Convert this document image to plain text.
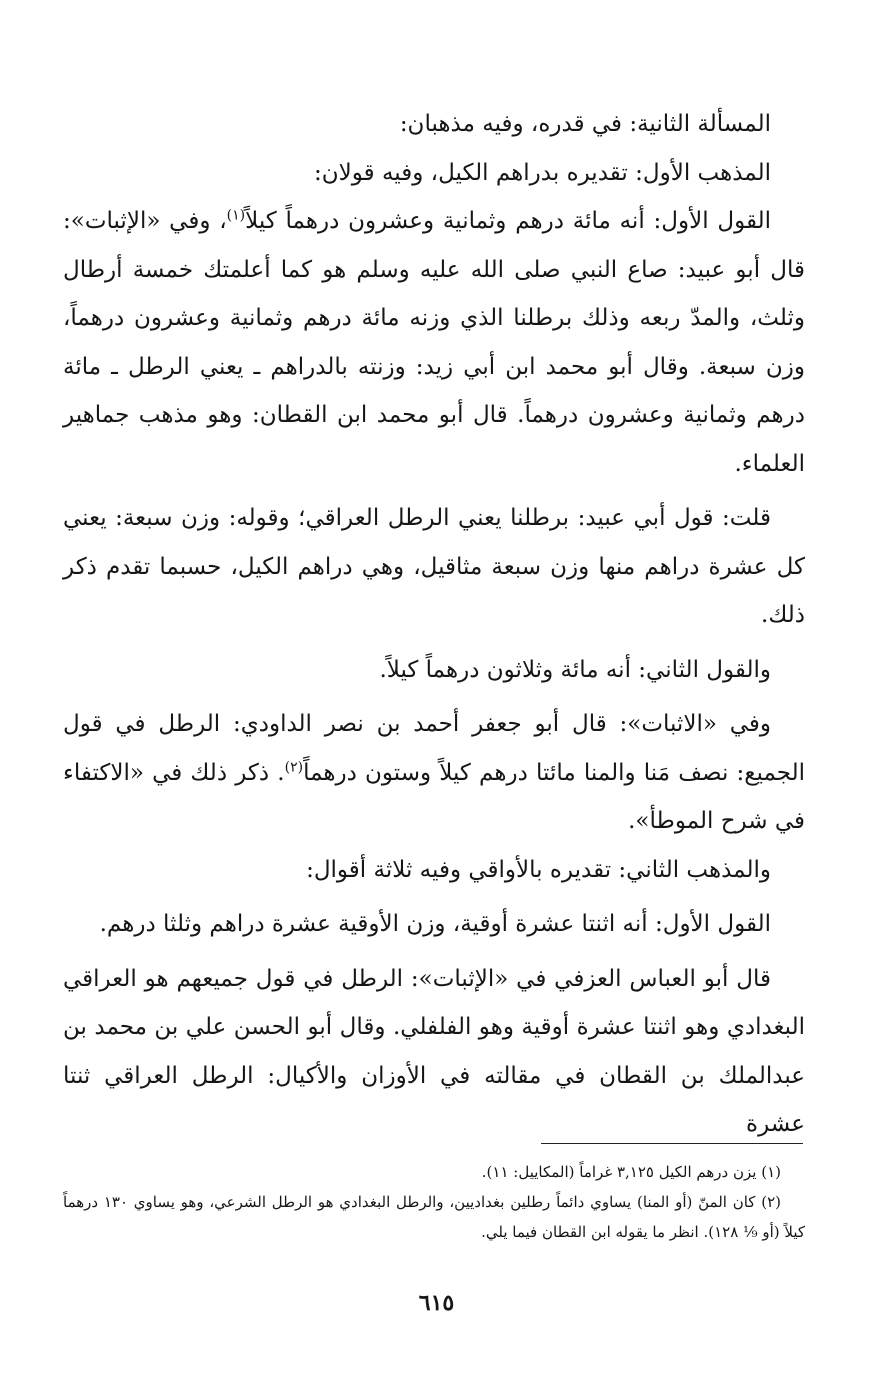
المسألة الثانية: في قدره، وفيه مذهبان:

المذهب الأول: تقديره بدراهم الكيل، وفيه قولان:

القول الأول: أنه مائة درهم وثمانية وعشرون درهماً كيلاً$^{(١)}$، وفي «الإثبات»: قال أبو عبيد: صاع النبي صلى الله عليه وسلم هو كما أعلمتك خمسة أرطال وثلث، والمدّ ربعه وذلك برطلنا الذي وزنه مائة درهم وثمانية وعشرون درهماً، وزن سبعة. وقال أبو محمد ابن أبي زيد: وزنته بالدراهم ـ يعني الرطل ـ مائة درهم وثمانية وعشرون درهماً. قال أبو محمد ابن القطان: وهو مذهب جماهير العلماء.

قلت: قول أبي عبيد: برطلنا يعني الرطل العراقي؛ وقوله: وزن سبعة: يعني كل عشرة دراهم منها وزن سبعة مثاقيل، وهي دراهم الكيل، حسبما تقدم ذكر ذلك.

والقول الثاني: أنه مائة وثلاثون درهماً كيلاً.

وفي «الاثبات»: قال أبو جعفر أحمد بن نصر الداودي: الرطل في قول الجميع: نصف مَنا والمنا مائتا درهم كيلاً وستون درهماً$^{(٢)}$. ذكر ذلك في «الاكتفاء في شرح الموطأ».

والمذهب الثاني: تقديره بالأواقي وفيه ثلاثة أقوال:

القول الأول: أنه اثنتا عشرة أوقية، وزن الأوقية عشرة دراهم وثلثا درهم.

قال أبو العباس العزفي في «الإثبات»: الرطل في قول جميعهم هو العراقي البغدادي وهو اثنتا عشرة أوقية وهو الفلفلي. وقال أبو الحسن علي بن محمد بن عبدالملك بن القطان في مقالته في الأوزان والأكيال: الرطل العراقي ثنتا عشرة

(١) يزن درهم الكيل ٣,١٢٥ غراماً (المكاييل: ١١).

(٢) كان المنّ (أو المنا) يساوي دائماً رطلين بغداديين، والرطل البغدادي هو الرطل الشرعي، وهو يساوي ١٣٠ درهماً كيلاً (أو ⅑ ١٢٨). انظر ما يقوله ابن القطان فيما يلي.

٦١٥
